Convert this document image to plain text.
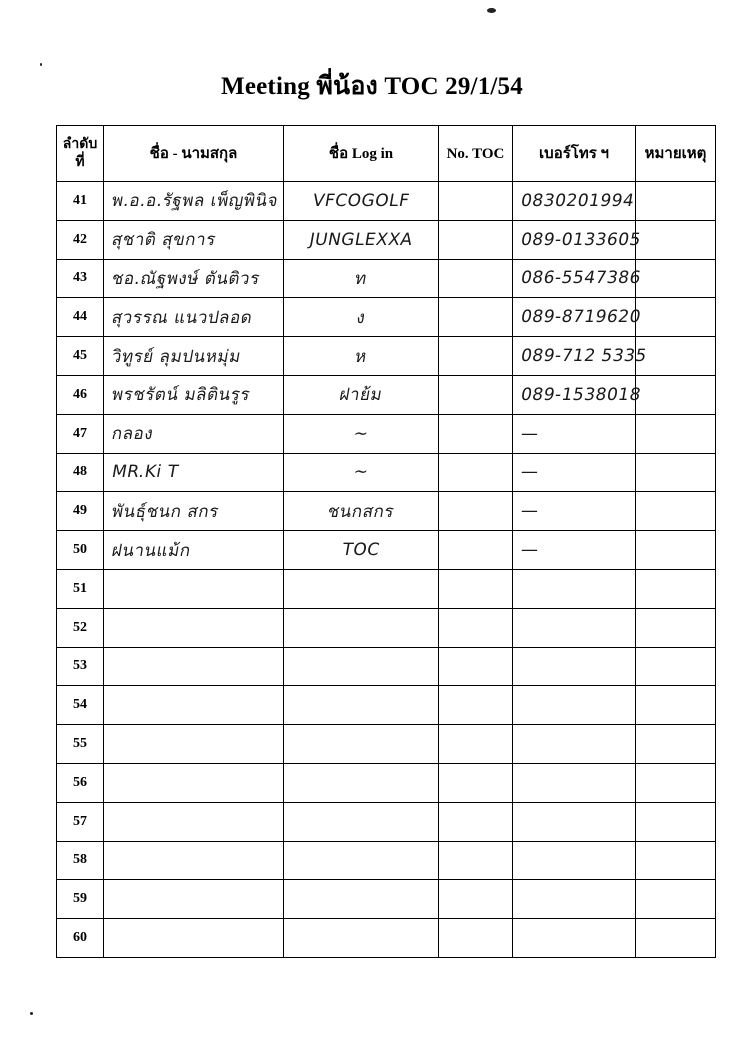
Meeting พี่น้อง TOC 29/1/54
ลำดับ ที่	ชื่อ - นามสกุล	ชื่อ Log in	No. TOC	เบอร์โทร ฯ	หมายเหตุ
41	พ.อ.อ.รัฐพล เพ็ญพินิจ	VFCOGOLF		0830201994	

42	สุชาติ สุขการ	JUNGLEXXA		089-0133605	

43	ชอ.ณัฐพงษ์ ตันติวร	ท		086-5547386	

44	สุวรรณ แนวปลอด	ง		089-8719620	

45	วิทูรย์ ลุมปนหมุ่ม	ห		089-712 5335	

46	พรชรัตน์ มลิตินรูร	ฝาย้ม		089-1538018	

47	กลอง	~		—	

48	MR.Ki T	~		—	

49	พันธุ์ชนก สกร	ชนกสกร		—	

50	ฝนานแม้ก	TOC		—	

51	

52	

53	

54	

55	

56	

57	

58	

59	

60	
